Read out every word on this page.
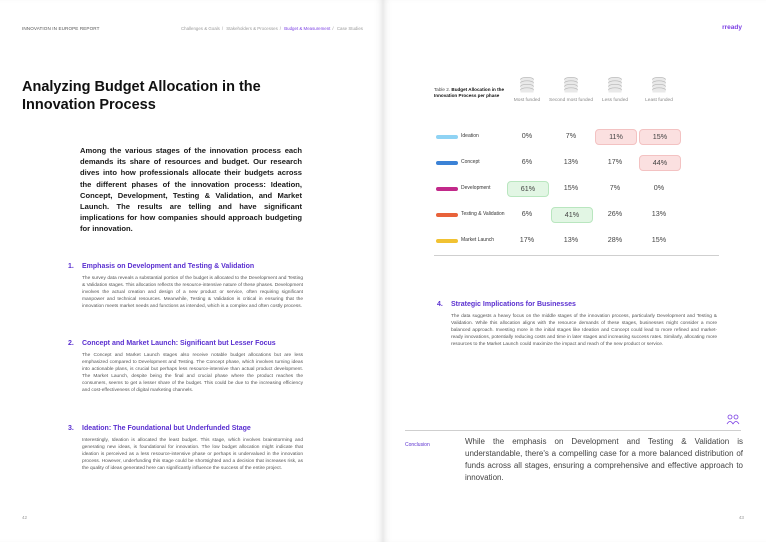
INNOVATION IN EUROPE REPORT
Analyzing Budget Allocation in the Innovation Process

Among the various stages of the innovation process each demands its share of resources and budget. Our research dives into how professionals allocate their budgets across the different phases of the innovation process: Ideation, Concept, Development, Testing & Validation, and Market Launch. The results are telling and have significant implications for how companies should approach budgeting for innovation.

1.	Emphasis on Development and Testing & Validation

The survey data reveals a substantial portion of the budget is allocated to the Development and Testing & Validation stages. This allocation reflects the resource-intensive nature of these phases. Development involves the actual creation and design of a new product or service, often requiring significant manpower and technical resources. Meanwhile, Testing & Validation is critical in ensuring that the innovation meets market needs and functions as intended, which is a complex and often costly process.

2.	Concept and Market Launch: Significant but Lesser Focus

The Concept and Market Launch stages also receive notable budget allocations but are less emphasized compared to Development and Testing. The Concept phase, which involves turning ideas into actionable plans, is crucial but perhaps less resource-intensive than actual product development. The Market Launch, despite being the final and crucial phase where the product reaches the consumers, seems to get a lesser share of the budget. This could be due to the increasing efficiency and cost-effectiveness of digital marketing channels.

3.	Ideation: The Foundational but Underfunded Stage

Interestingly, Ideation is allocated the least budget. This stage, which involves brainstorming and generating new ideas, is foundational for innovation. The low budget allocation might indicate that ideation is perceived as a less resource-intensive phase or perhaps is undervalued in the innovation process. However, underfunding this stage could be shortsighted and a decision that increases risk, as the quality of ideas generated here can significantly influence the success of the entire project.

42
Challenges & Goals / Stakeholders & Processes / Budget & Measurement / Case Studies	rready
Table 2. Budget Allocation in the Innovation Process per phase
4.	Strategic Implications for Businesses

The data suggests a heavy focus on the middle stages of the innovation process, particularly Development and Testing & Validation. While this allocation aligns with the resource demands of these stages, businesses might consider a more balanced approach. Investing more in the initial stages like Ideation and Concept could lead to more refined and market-ready innovations, potentially reducing costs and time in later stages and increasing success rates. Similarly, allocating more resources to the Market Launch could maximize the impact and reach of the new product or service.

Conclusion	While the emphasis on Development and Testing & Validation is understandable, there's a compelling case for a more balanced distribution of funds across all stages, ensuring a comprehensive and effective approach to innovation.

43
Most funded	Second most funded	Less funded	Least funded
Ideation	0%	7%	11%	15%
Concept	6%	13%	17%	44%
Development	61%	15%	7%	0%
Testing & Validation	6%	41%	26%	13%
Market Launch	17%	13%	28%	15%
